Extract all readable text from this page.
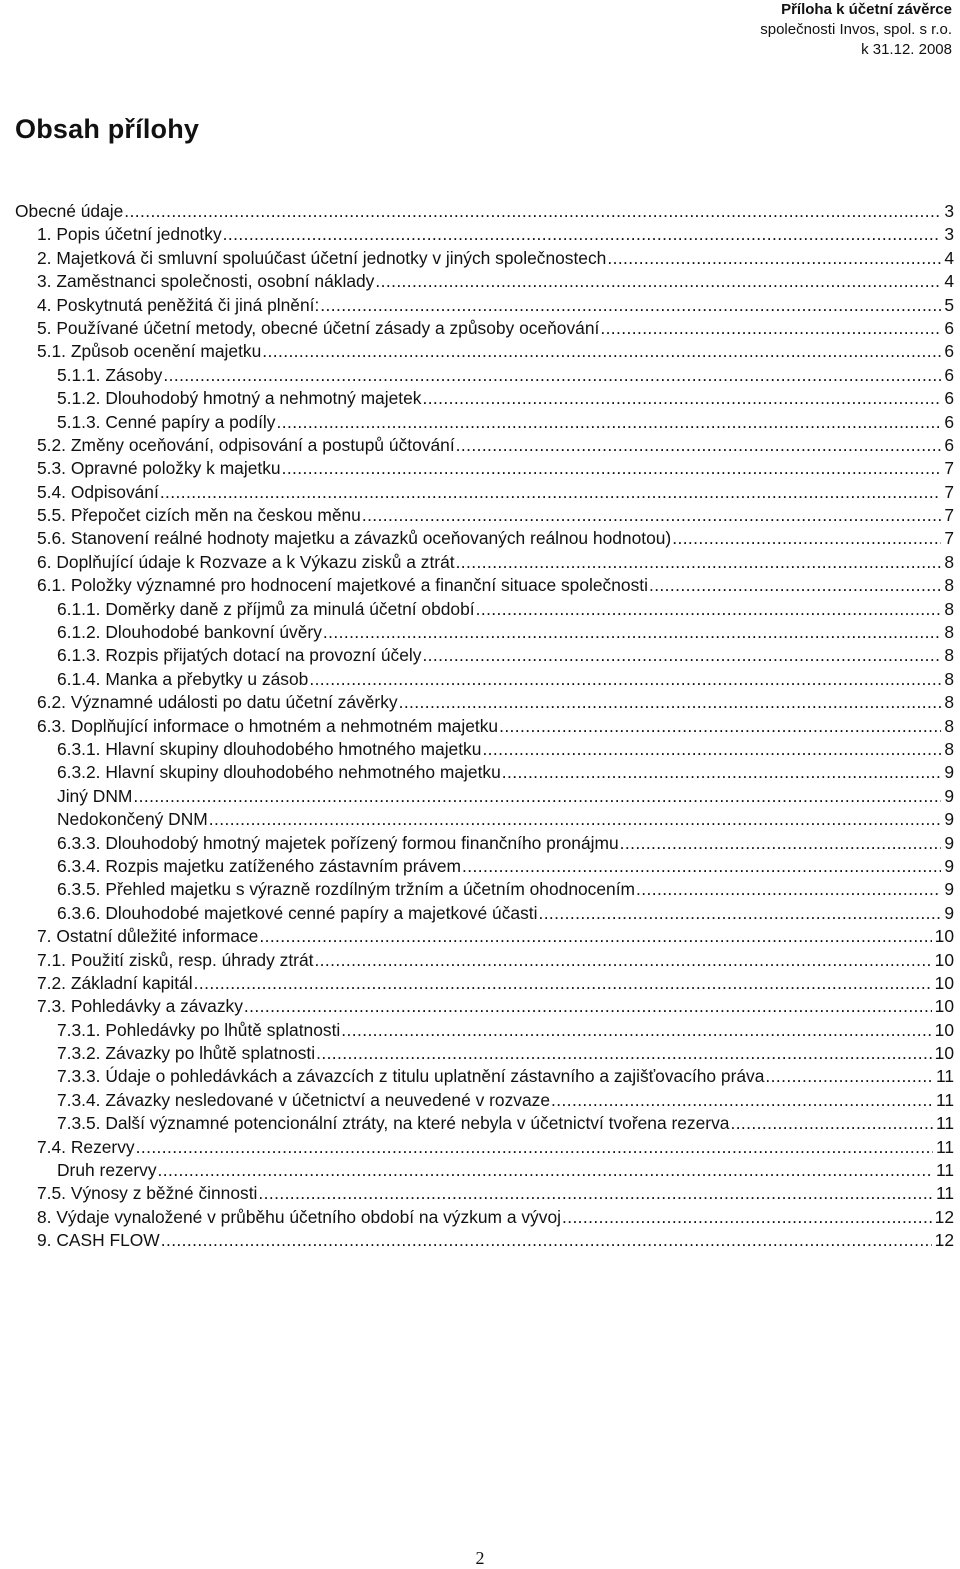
Příloha k účetní závěrce
společnosti Invos, spol. s r.o.
k 31.12. 2008
Obsah přílohy
Obecné údaje .....	3
1. Popis účetní jednotky .....	3
2. Majetková či smluvní spoluúčast účetní jednotky v jiných společnostech .....	4
3. Zaměstnanci společnosti, osobní náklady .....	4
4. Poskytnutá peněžitá či jiná plnění: .....	5
5. Používané účetní metody, obecné účetní zásady a způsoby oceňování .....	6
5.1. Způsob ocenění majetku .....	6
5.1.1. Zásoby .....	6
5.1.2. Dlouhodobý hmotný a nehmotný majetek .....	6
5.1.3. Cenné papíry a podíly .....	6
5.2. Změny oceňování, odpisování a postupů účtování .....	6
5.3. Opravné položky k majetku .....	7
5.4. Odpisování .....	7
5.5. Přepočet cizích měn na českou měnu .....	7
5.6. Stanovení reálné hodnoty majetku a závazků oceňovaných reálnou hodnotou) .....	7
6. Doplňující údaje k Rozvaze a k Výkazu zisků a ztrát .....	8
6.1. Položky významné pro hodnocení majetkové a finanční situace společnosti .....	8
6.1.1. Doměrky daně z příjmů za minulá účetní období .....	8
6.1.2. Dlouhodobé bankovní úvěry .....	8
6.1.3. Rozpis přijatých dotací na provozní účely .....	8
6.1.4. Manka a přebytky u zásob .....	8
6.2. Významné události po datu účetní závěrky .....	8
6.3. Doplňující informace o hmotném a nehmotném majetku .....	8
6.3.1. Hlavní skupiny dlouhodobého hmotného majetku .....	8
6.3.2. Hlavní skupiny dlouhodobého nehmotného majetku .....	9
Jiný DNM .....	9
Nedokončený DNM .....	9
6.3.3. Dlouhodobý hmotný majetek pořízený formou finančního pronájmu .....	9
6.3.4. Rozpis majetku zatíženého zástavním právem .....	9
6.3.5. Přehled majetku s výrazně rozdílným tržním a účetním ohodnocením .....	9
6.3.6. Dlouhodobé majetkové cenné papíry a majetkové účasti .....	9
7. Ostatní důležité informace .....	10
7.1. Použití zisků, resp. úhrady ztrát .....	10
7.2. Základní kapitál .....	10
7.3. Pohledávky a závazky .....	10
7.3.1. Pohledávky po lhůtě splatnosti .....	10
7.3.2. Závazky po lhůtě splatnosti .....	10
7.3.3. Údaje o pohledávkách a závazcích z titulu uplatnění zástavního a zajišťovacího práva .....	11
7.3.4. Závazky nesledované v účetnictví a neuvedené v rozvaze .....	11
7.3.5. Další významné potencionální ztráty, na které nebyla v účetnictví tvořena rezerva .....	11
7.4. Rezervy .....	11
Druh rezervy .....	11
7.5. Výnosy z běžné činnosti .....	11
8. Výdaje vynaložené v průběhu účetního období na výzkum a vývoj .....	12
9. CASH FLOW .....	12
2
